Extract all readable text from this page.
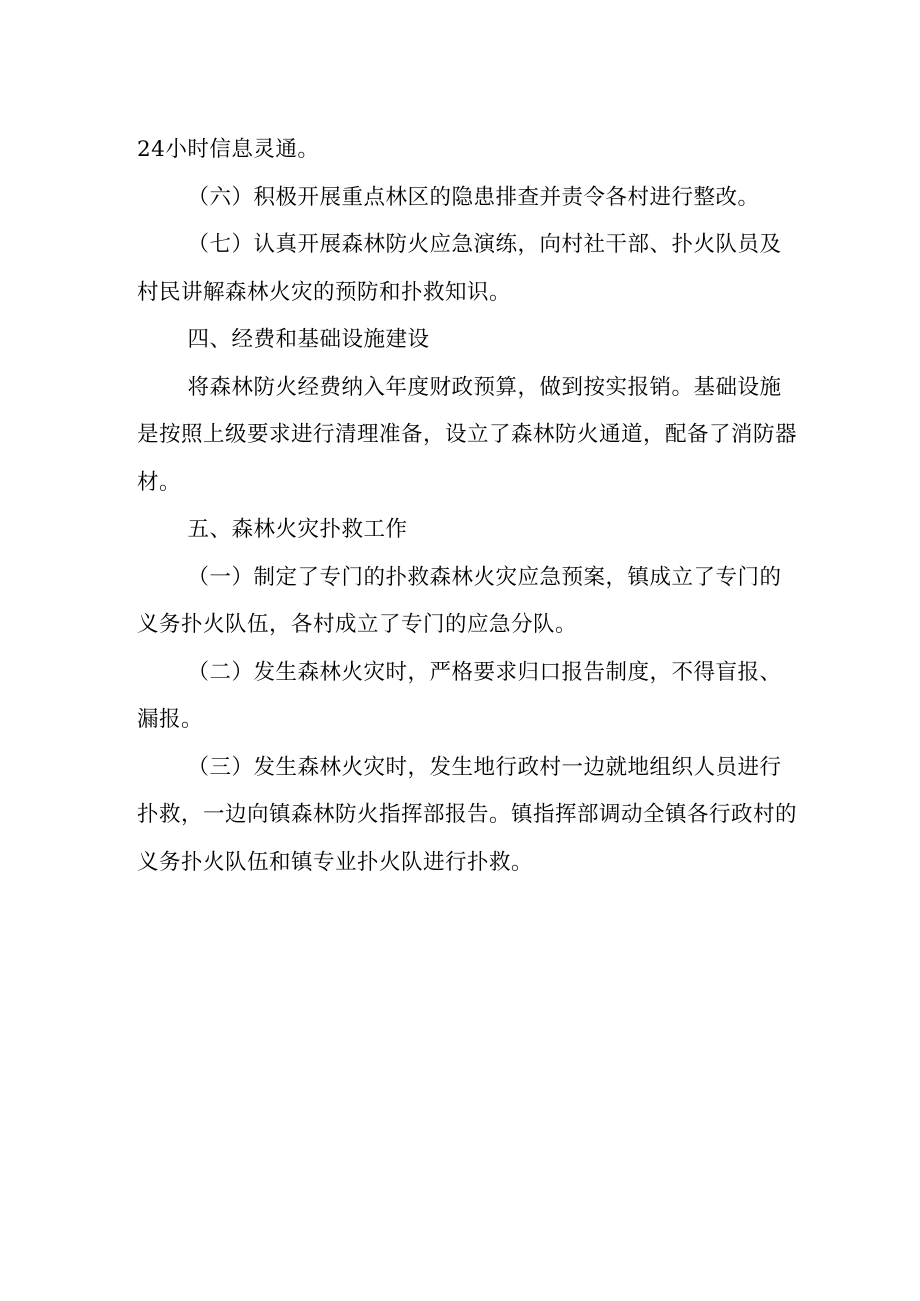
24小时信息灵通。

（六）积极开展重点林区的隐患排查并责令各村进行整改。

（七）认真开展森林防火应急演练，向村社干部、扑火队员及村民讲解森林火灾的预防和扑救知识。

四、经费和基础设施建设

将森林防火经费纳入年度财政预算，做到按实报销。基础设施是按照上级要求进行清理准备，设立了森林防火通道，配备了消防器材。

五、森林火灾扑救工作

（一）制定了专门的扑救森林火灾应急预案，镇成立了专门的义务扑火队伍，各村成立了专门的应急分队。

（二）发生森林火灾时，严格要求归口报告制度，不得盲报、漏报。

（三）发生森林火灾时，发生地行政村一边就地组织人员进行扑救，一边向镇森林防火指挥部报告。镇指挥部调动全镇各行政村的义务扑火队伍和镇专业扑火队进行扑救。
